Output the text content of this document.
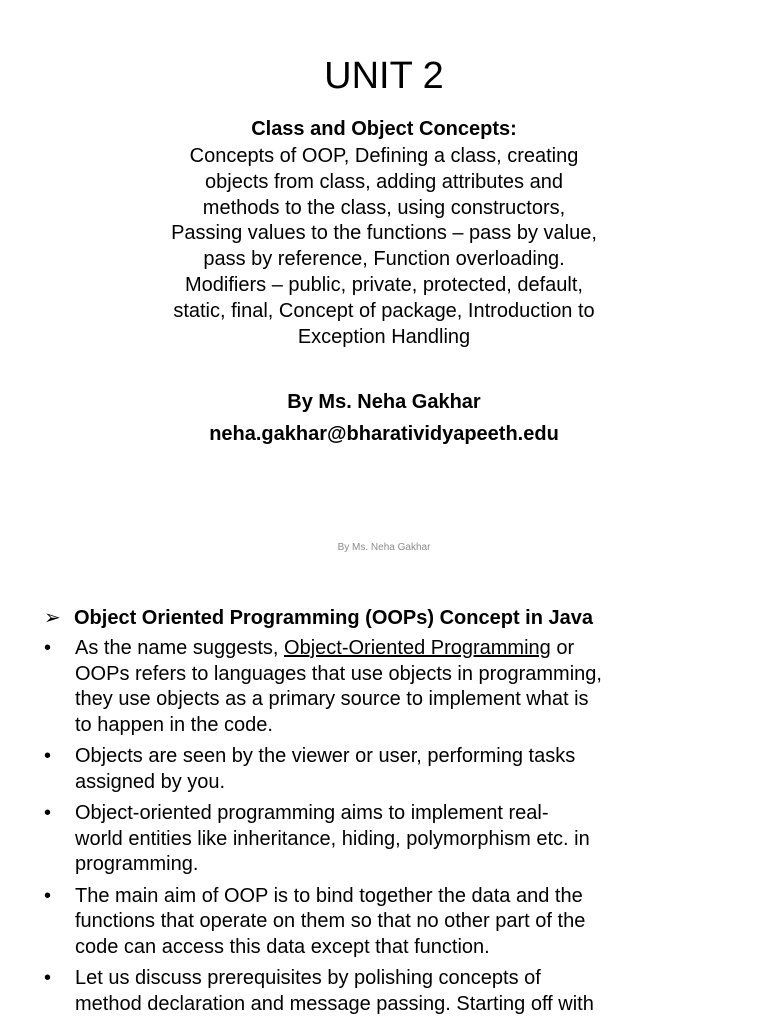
UNIT 2
Class and Object Concepts:
Concepts of OOP, Defining a class, creating
objects from class, adding attributes and
methods to the class, using constructors,
Passing values to the functions – pass by value,
pass by reference, Function overloading.
Modifiers – public, private, protected, default,
static, final, Concept of package, Introduction to
Exception Handling
By Ms. Neha Gakhar
neha.gakhar@bharatividyapeeth.edu
By Ms. Neha Gakhar
➢ Object Oriented Programming (OOPs) Concept in Java
• As the name suggests, Object-Oriented Programming or
OOPs refers to languages that use objects in programming,
they use objects as a primary source to implement what is
to happen in the code.
• Objects are seen by the viewer or user, performing tasks
assigned by you.
• Object-oriented programming aims to implement real-
world entities like inheritance, hiding, polymorphism etc. in
programming.
• The main aim of OOP is to bind together the data and the
functions that operate on them so that no other part of the
code can access this data except that function.
• Let us discuss prerequisites by polishing concepts of
method declaration and message passing. Starting off with
